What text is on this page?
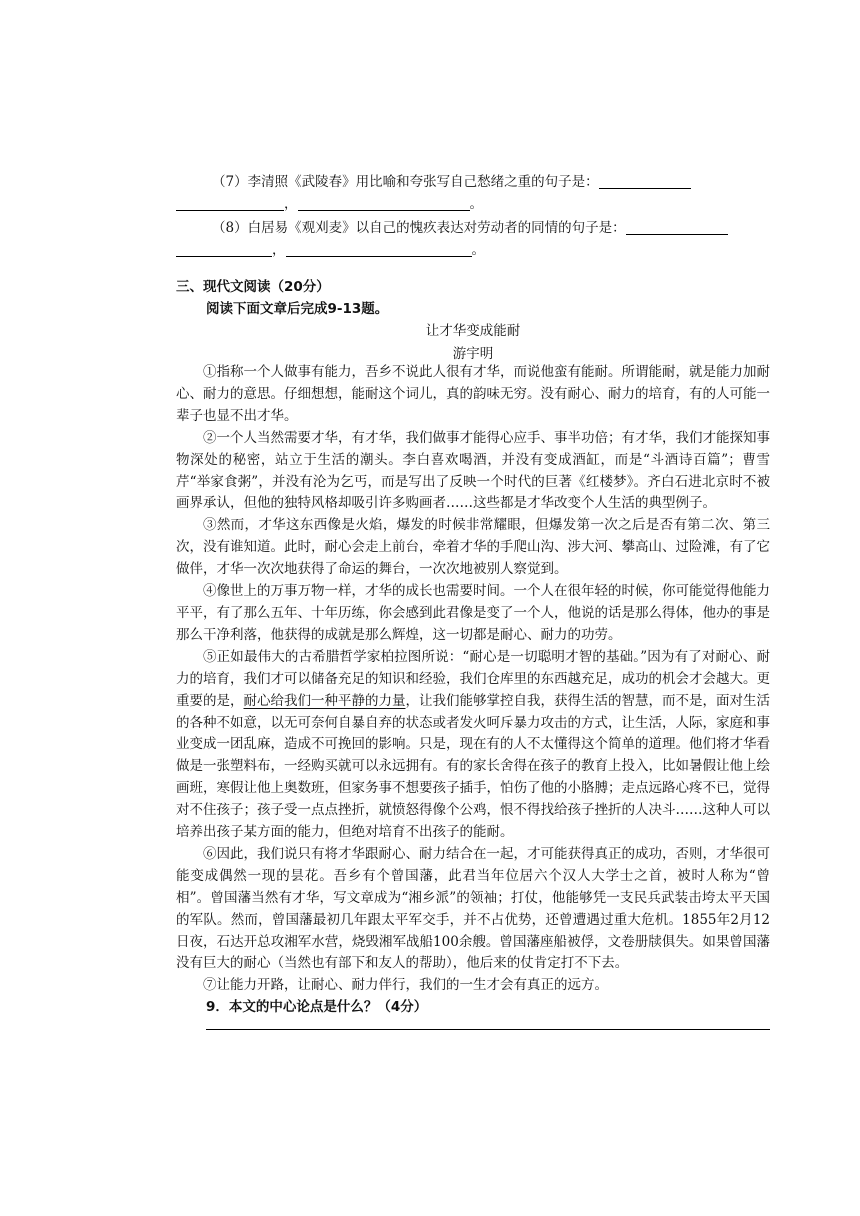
（7）李清照《武陵春》用比喻和夸张写自己愁绪之重的句子是：
，	。
（8）白居易《观刈麦》以自己的愧疚表达对劳动者的同情的句子是：
，	。
三、现代文阅读（20分）
阅读下面文章后完成9-13题。
让才华变成能耐
游宇明

①指称一个人做事有能力，吾乡不说此人很有才华，而说他蛮有能耐。所谓能耐，就是能力加耐心、耐力的意思。仔细想想，能耐这个词儿，真的韵味无穷。没有耐心、耐力的培育，有的人可能一辈子也显不出才华。

②一个人当然需要才华，有才华，我们做事才能得心应手、事半功倍；有才华，我们才能探知事物深处的秘密，站立于生活的潮头。李白喜欢喝酒，并没有变成酒缸，而是“斗酒诗百篇”；曹雪芹“举家食粥”，并没有沦为乞丐，而是写出了反映一个时代的巨著《红楼梦》。齐白石进北京时不被画界承认，但他的独特风格却吸引许多购画者……这些都是才华改变个人生活的典型例子。

③然而，才华这东西像是火焰，爆发的时候非常耀眼，但爆发第一次之后是否有第二次、第三次，没有谁知道。此时，耐心会走上前台，牵着才华的手爬山沟、涉大河、攀高山、过险滩，有了它做伴，才华一次次地获得了命运的舞台，一次次地被别人察觉到。

④像世上的万事万物一样，才华的成长也需要时间。一个人在很年轻的时候，你可能觉得他能力平平，有了那么五年、十年历练，你会感到此君像是变了一个人，他说的话是那么得体，他办的事是那么干净利落，他获得的成就是那么辉煌，这一切都是耐心、耐力的功劳。

⑤正如最伟大的古希腊哲学家柏拉图所说：“耐心是一切聪明才智的基础。”因为有了对耐心、耐力的培育，我们才可以储备充足的知识和经验，我们仓库里的东西越充足，成功的机会才会越大。更重要的是，耐心给我们一种平静的力量，让我们能够掌控自我，获得生活的智慧，而不是，面对生活的各种不如意，以无可奈何自暴自弃的状态或者发火呵斥暴力攻击的方式，让生活，人际，家庭和事业变成一团乱麻，造成不可挽回的影响。只是，现在有的人不太懂得这个简单的道理。他们将才华看做是一张塑料布，一经购买就可以永远拥有。有的家长舍得在孩子的教育上投入，比如暑假让他上绘画班，寒假让他上奥数班，但家务事不想要孩子插手，怕伤了他的小胳膊；走点远路心疼不已，觉得对不住孩子；孩子受一点点挫折，就愤怒得像个公鸡，恨不得找给孩子挫折的人决斗……这种人可以培养出孩子某方面的能力，但绝对培育不出孩子的能耐。

⑥因此，我们说只有将才华跟耐心、耐力结合在一起，才可能获得真正的成功，否则，才华很可能变成偶然一现的昙花。吾乡有个曾国藩，此君当年位居六个汉人大学士之首，被时人称为“曾相”。曾国藩当然有才华，写文章成为“湘乡派”的领袖；打仗，他能够凭一支民兵武装击垮太平天国的军队。然而，曾国藩最初几年跟太平军交手，并不占优势，还曾遭遇过重大危机。1855年2月12日夜，石达开总攻湘军水营，烧毁湘军战船100余艘。曾国藩座船被俘，文卷册牍俱失。如果曾国藩没有巨大的耐心（当然也有部下和友人的帮助），他后来的仗肯定打不下去。

⑦让能力开路，让耐心、耐力伴行，我们的一生才会有真正的远方。

9．本文的中心论点是什么？（4分）
